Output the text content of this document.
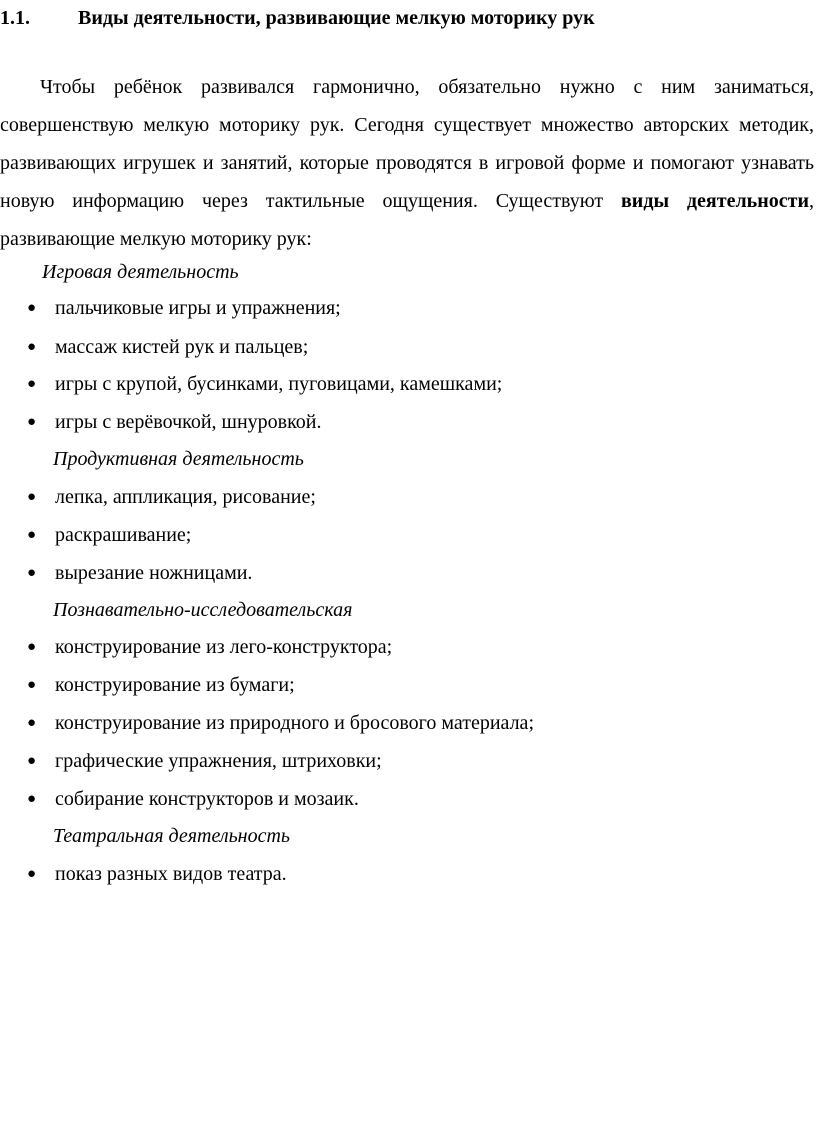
1.1. Виды деятельности, развивающие мелкую моторику рук

Чтобы ребёнок развивался гармонично, обязательно нужно с ним заниматься, совершенствую мелкую моторику рук. Сегодня существует множество авторских методик, развивающих игрушек и занятий, которые проводятся в игровой форме и помогают узнавать новую информацию через тактильные ощущения. Существуют виды деятельности, развивающие мелкую моторику рук:

Игровая деятельность
● пальчиковые игры и упражнения;
● массаж кистей рук и пальцев;
● игры с крупой, бусинками, пуговицами, камешками;
● игры с верёвочкой, шнуровкой.
Продуктивная деятельность
● лепка, аппликация, рисование;
● раскрашивание;
● вырезание ножницами.
Познавательно-исследовательская
● конструирование из лего-конструктора;
● конструирование из бумаги;
● конструирование из природного и бросового материала;
● графические упражнения, штриховки;
● собирание конструкторов и мозаик.
Театральная деятельность
● показ разных видов театра.
